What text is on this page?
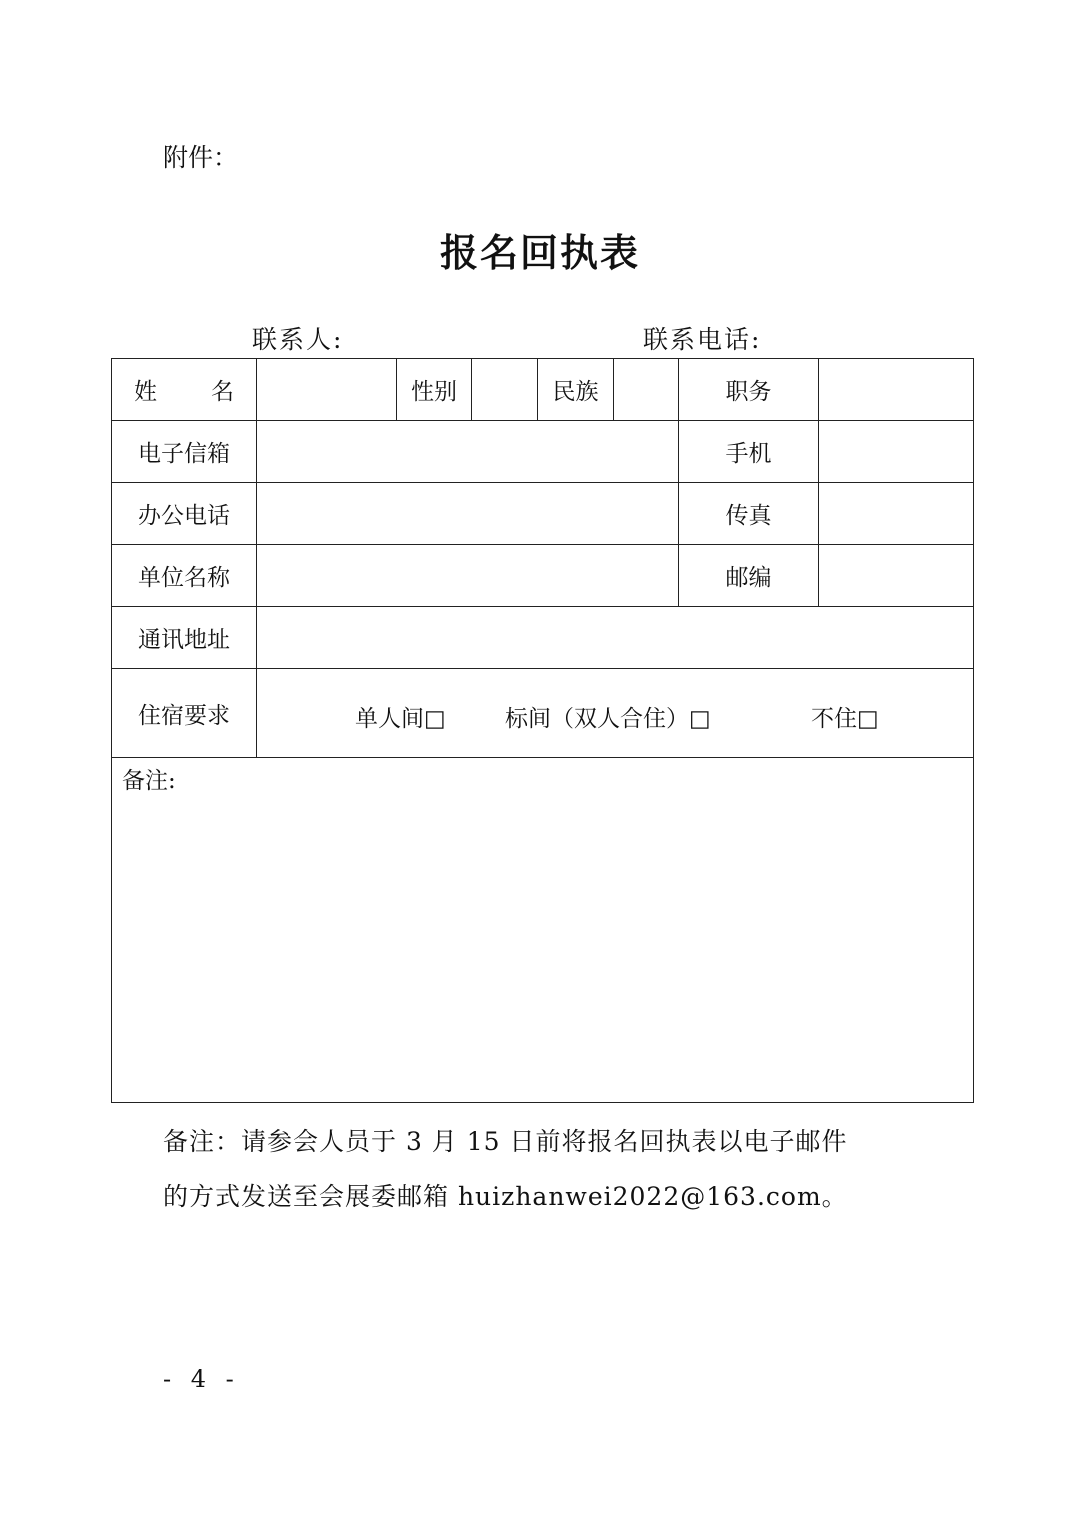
附件：
报名回执表
联系人:	联系电话:
姓 名		性别		民族		职务	
电子信箱						手机	
办公电话						传真	
单位名称						邮编	
通讯地址							
住宿要求	单人间□ 标间（双人合住）□ 不住□						

备注:							
备注：请参会人员于 3 月 15 日前将报名回执表以电子邮件
的方式发送至会展委邮箱 huizhanwei2022@163.com。
- 4 -
